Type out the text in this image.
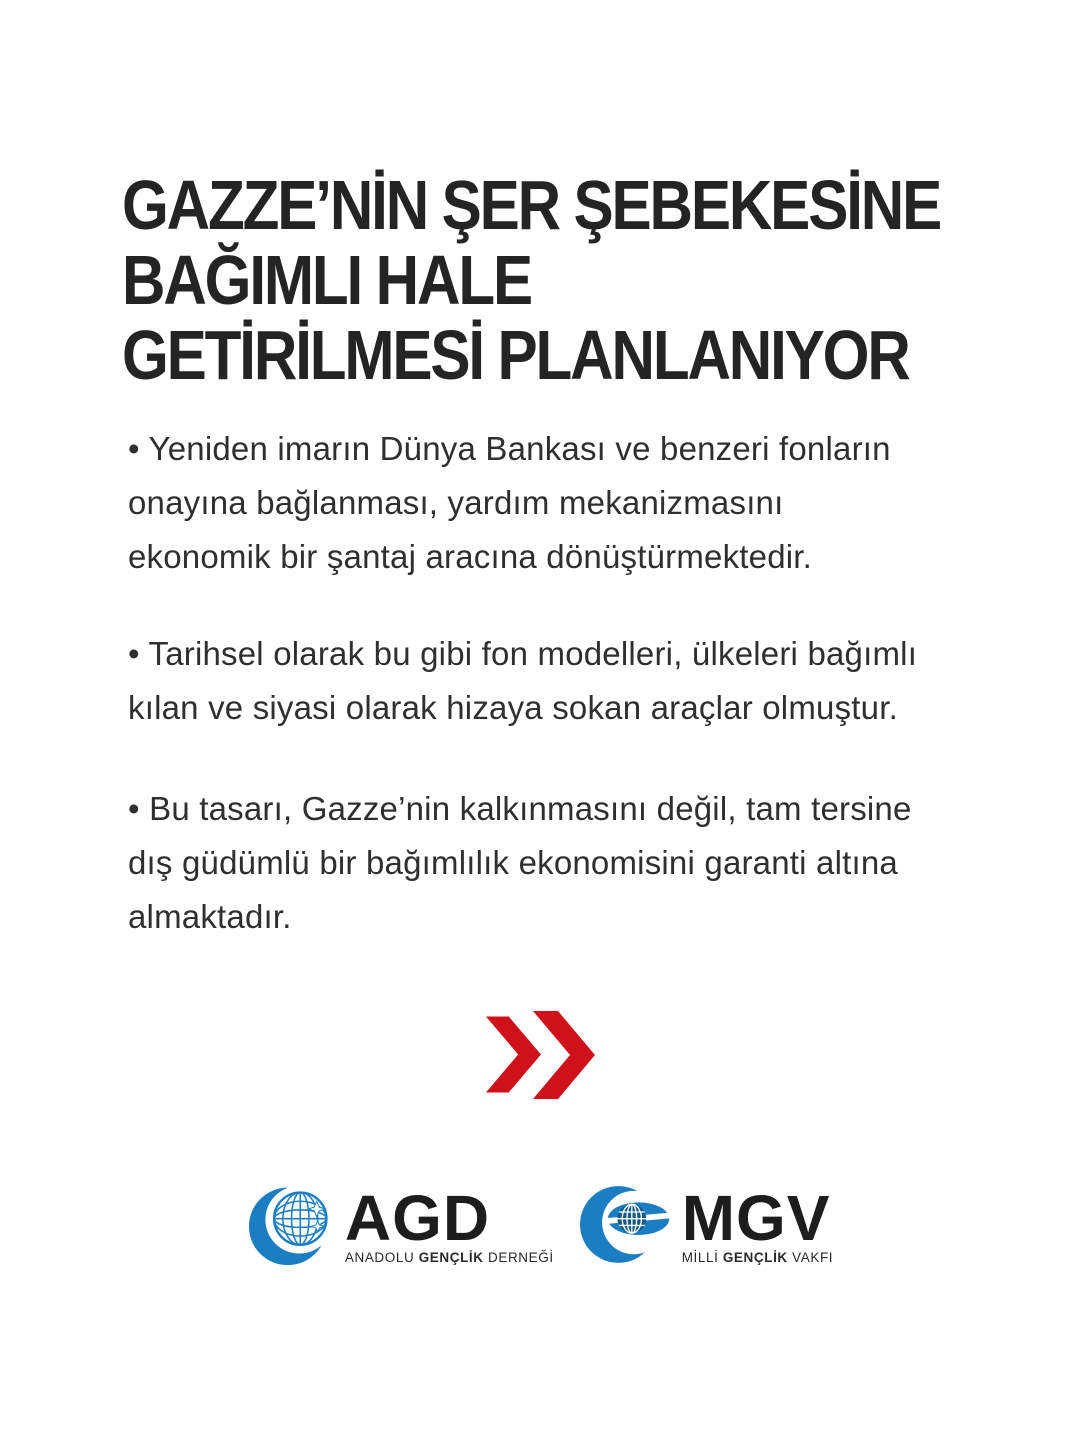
GAZZE’NİN ŞER ŞEBEKESİNE
BAĞIMLI HALE
GETİRİLMESİ PLANLANIYOR
• Yeniden imarın Dünya Bankası ve benzeri fonların
onayına bağlanması, yardım mekanizmasını
ekonomik bir şantaj aracına dönüştürmektedir.
• Tarihsel olarak bu gibi fon modelleri, ülkeleri bağımlı
kılan ve siyasi olarak hizaya sokan araçlar olmuştur.
• Bu tasarı, Gazze’nin kalkınmasını değil, tam tersine
dış güdümlü bir bağımlılık ekonomisini garanti altına
almaktadır.
AGD
ANADOLU GENÇLİK DERNEĞİ
MGV
MİLLİ GENÇLİK VAKFI
